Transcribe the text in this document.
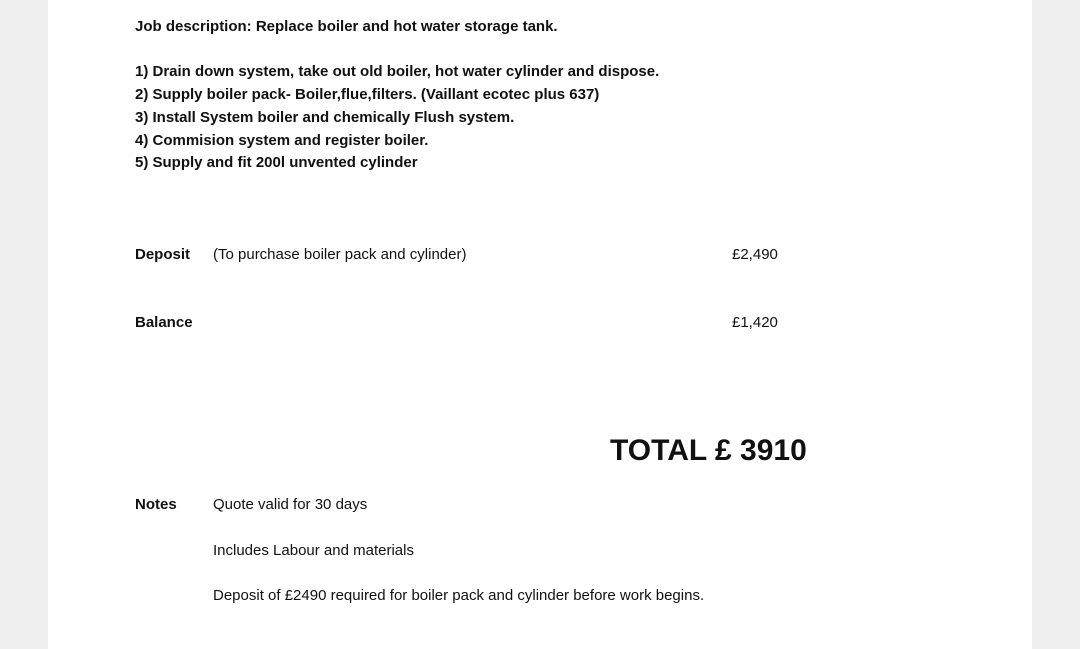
Job description: Replace boiler and hot water storage tank.
1) Drain down system, take out old boiler, hot water cylinder and dispose.
2) Supply boiler pack- Boiler,flue,filters. (Vaillant ecotec plus 637)
3) Install System boiler and chemically Flush system.
4) Commision system and register boiler.
5) Supply and fit 200l unvented cylinder
Deposit (To purchase boiler pack and cylinder)	£2,490
Balance	£1,420
TOTAL £ 3910
Notes Quote valid for 30 days
Includes Labour and materials
Deposit of £2490 required for boiler pack and cylinder before work begins.
